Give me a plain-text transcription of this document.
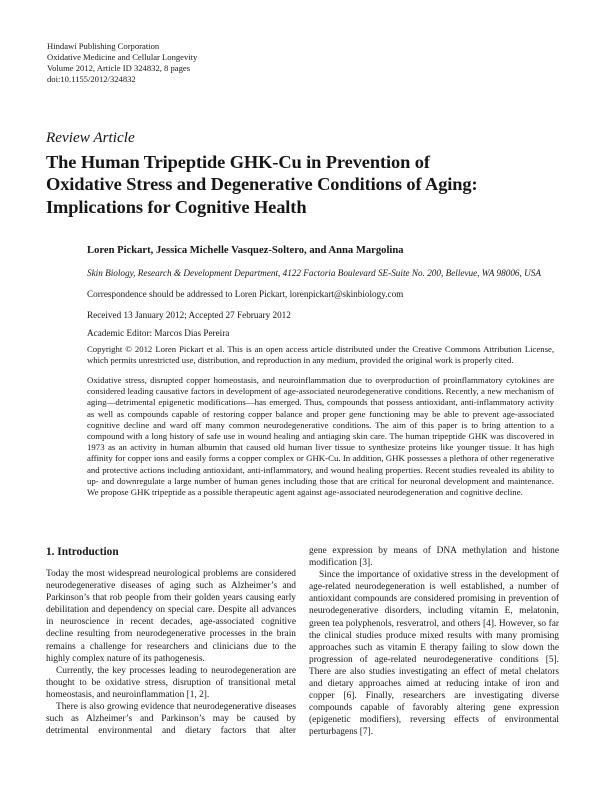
Hindawi Publishing Corporation
Oxidative Medicine and Cellular Longevity
Volume 2012, Article ID 324832, 8 pages
doi:10.1155/2012/324832
Review Article
The Human Tripeptide GHK-Cu in Prevention of
Oxidative Stress and Degenerative Conditions of Aging:
Implications for Cognitive Health
Loren Pickart, Jessica Michelle Vasquez-Soltero, and Anna Margolina
Skin Biology, Research & Development Department, 4122 Factoria Boulevard SE-Suite No. 200, Bellevue, WA 98006, USA
Correspondence should be addressed to Loren Pickart, lorenpickart@skinbiology.com
Received 13 January 2012; Accepted 27 February 2012
Academic Editor: Marcos Dias Pereira
Copyright © 2012 Loren Pickart et al. This is an open access article distributed under the Creative Commons Attribution License, which permits unrestricted use, distribution, and reproduction in any medium, provided the original work is properly cited.
Oxidative stress, disrupted copper homeostasis, and neuroinflammation due to overproduction of proinflammatory cytokines are considered leading causative factors in development of age-associated neurodegenerative conditions. Recently, a new mechanism of aging—detrimental epigenetic modifications—has emerged. Thus, compounds that possess antioxidant, anti-inflammatory activity as well as compounds capable of restoring copper balance and proper gene functioning may be able to prevent age-associated cognitive decline and ward off many common neurodegenerative conditions. The aim of this paper is to bring attention to a compound with a long history of safe use in wound healing and antiaging skin care. The human tripeptide GHK was discovered in 1973 as an activity in human albumin that caused old human liver tissue to synthesize proteins like younger tissue. It has high affinity for copper ions and easily forms a copper complex or GHK-Cu. In addition, GHK possesses a plethora of other regenerative and protective actions including antioxidant, anti-inflammatory, and wound healing properties. Recent studies revealed its ability to up- and downregulate a large number of human genes including those that are critical for neuronal development and maintenance. We propose GHK tripeptide as a possible therapeutic agent against age-associated neurodegeneration and cognitive decline.
1. Introduction

Today the most widespread neurological problems are considered neurodegenerative diseases of aging such as Alzheimer’s and Parkinson’s that rob people from their golden years causing early debilitation and dependency on special care. Despite all advances in neuroscience in recent decades, age-associated cognitive decline resulting from neurodegenerative processes in the brain remains a challenge for researchers and clinicians due to the highly complex nature of its pathogenesis.

Currently, the key processes leading to neurodegeneration are thought to be oxidative stress, disruption of transitional metal homeostasis, and neuroinflammation [1, 2].

There is also growing evidence that neurodegenerative diseases such as Alzheimer’s and Parkinson’s may be caused by detrimental environmental and dietary factors that alter

gene expression by means of DNA methylation and histone modification [3].

Since the importance of oxidative stress in the development of age-related neurodegeneration is well established, a number of antioxidant compounds are considered promising in prevention of neurodegenerative disorders, including vitamin E, melatonin, green tea polyphenols, resveratrol, and others [4]. However, so far the clinical studies produce mixed results with many promising approaches such as vitamin E therapy failing to slow down the progression of age-related neurodegenerative conditions [5]. There are also studies investigating an effect of metal chelators and dietary approaches aimed at reducing intake of iron and copper [6]. Finally, researchers are investigating diverse compounds capable of favorably altering gene expression (epigenetic modifiers), reversing effects of environmental perturbagens [7].
